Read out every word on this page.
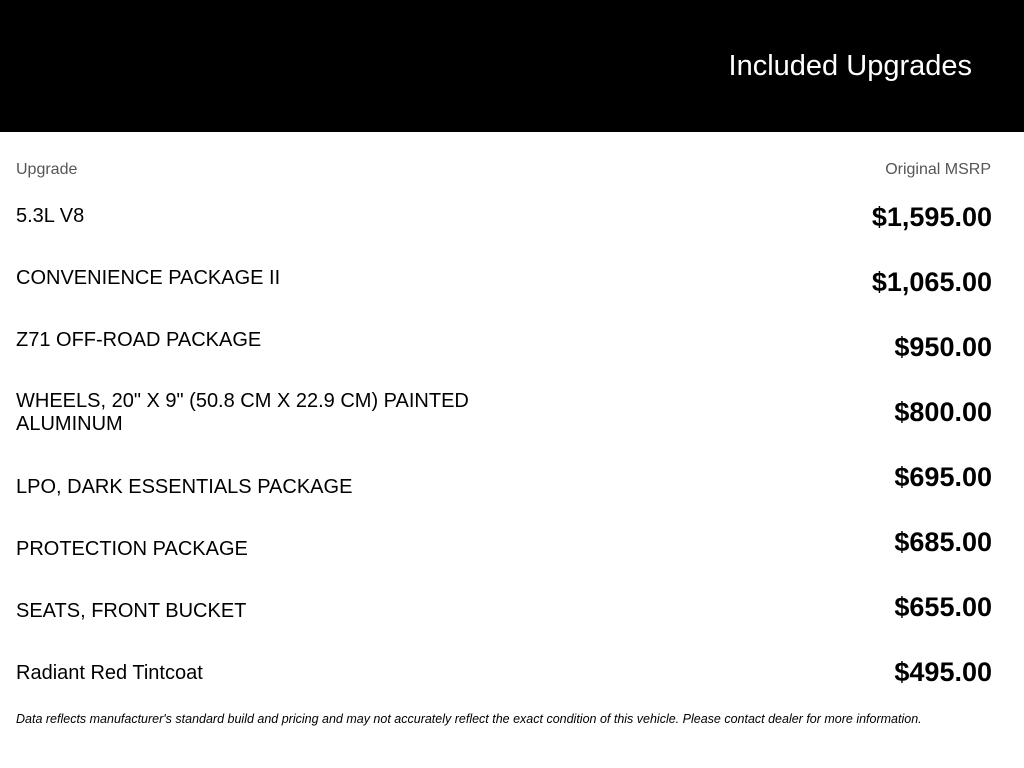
Included Upgrades
Upgrade	Original MSRP
5.3L V8	$1,595.00
CONVENIENCE PACKAGE II	$1,065.00
Z71 OFF-ROAD PACKAGE	$950.00
WHEELS, 20" X 9" (50.8 CM X 22.9 CM) PAINTED ALUMINUM	$800.00
LPO, DARK ESSENTIALS PACKAGE	$695.00
PROTECTION PACKAGE	$685.00
SEATS, FRONT BUCKET	$655.00
Radiant Red Tintcoat	$495.00
Data reflects manufacturer's standard build and pricing and may not accurately reflect the exact condition of this vehicle. Please contact dealer for more information.
